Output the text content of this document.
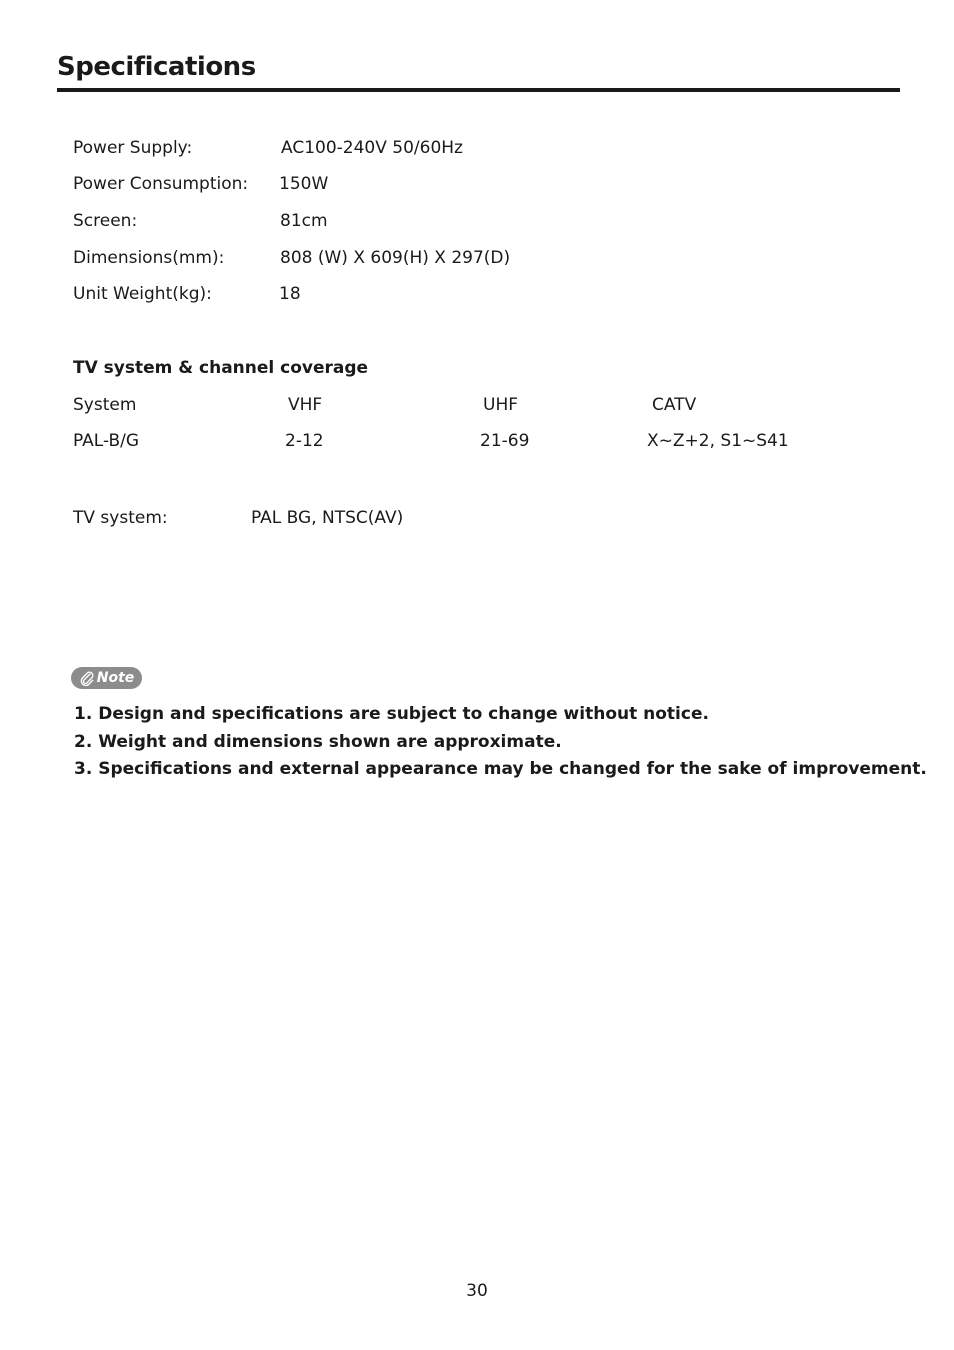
Specifications
Power Supply:	AC100-240V 50/60Hz
Power Consumption: 150W
Screen:	81cm
Dimensions(mm):	808 (W) X 609(H) X 297(D)
Unit Weight(kg):	18
TV system & channel coverage
System	VHF	UHF	CATV
PAL-B/G	2-12	21-69	X~Z+2, S1~S41
TV system:	PAL BG, NTSC(AV)
Note
1. Design and specifications are subject to change without notice.
2. Weight and dimensions shown are approximate.
3. Specifications and external appearance may be changed for the sake of improvement.
30
